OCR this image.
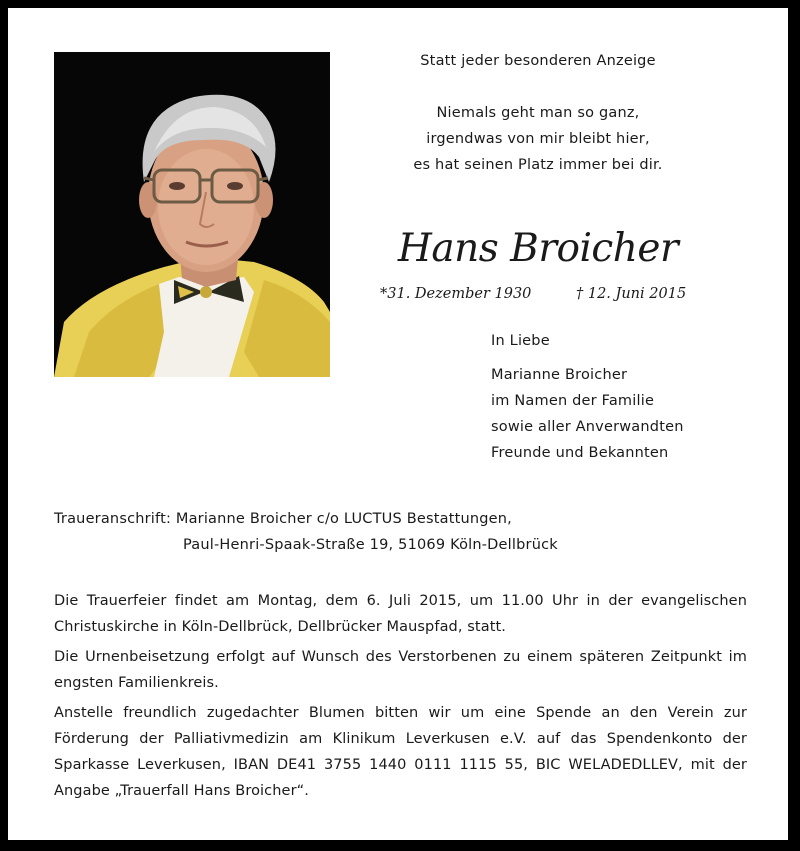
Statt jeder besonderen Anzeige

Niemals geht man so ganz,

irgendwas von mir bleibt hier,

es hat seinen Platz immer bei dir.

Hans Broicher
*31. Dezember 1930	† 12. Juni 2015

In Liebe

Marianne Broicher

im Namen der Familie

sowie aller Anverwandten

Freunde und Bekannten

Traueranschrift: Marianne Broicher c/o LUCTUS Bestattungen,

Paul-Henri-Spaak-Straße 19, 51069 Köln-Dellbrück

Die Trauerfeier findet am Montag, dem 6. Juli 2015, um 11.00 Uhr in der evangelischen Christuskirche in Köln-Dellbrück, Dellbrücker Mauspfad, statt.

Die Urnenbeisetzung erfolgt auf Wunsch des Verstorbenen zu einem späteren Zeitpunkt im engsten Familienkreis.

Anstelle freundlich zugedachter Blumen bitten wir um eine Spende an den Verein zur Förderung der Palliativmedizin am Klinikum Leverkusen e.V. auf das Spendenkonto der Sparkasse Leverkusen, IBAN DE41 3755 1440 0111 1115 55, BIC WELADEDLLEV, mit der Angabe „Trauerfall Hans Broicher“.
